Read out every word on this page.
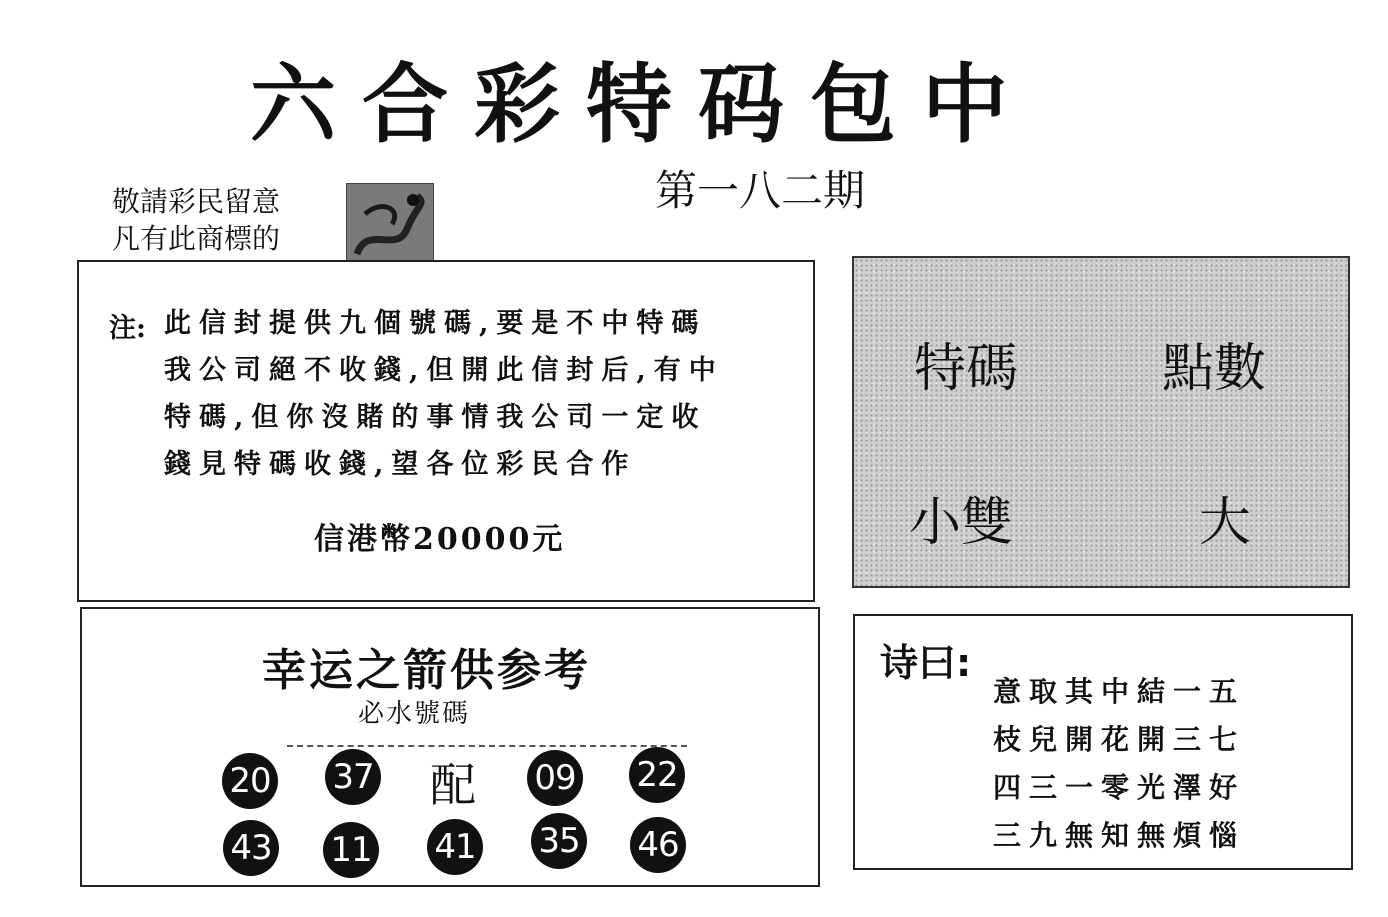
六合彩特码包中
第一八二期
敬請彩民留意
凡有此商標的
注: 此信封提供九個號碼,要是不中特碼
我公司絕不收錢,但開此信封后,有中
特碼,但你沒賭的事情我公司一定收
錢見特碼收錢,望各位彩民合作
信港幣20000元
特碼	點數
小雙	大
幸运之箭供参考
必水號碼
20 37 配 09 22
43 11 41 35 46
诗曰:
意取其中結一五
枝兒開花開三七
四三一零光澤好
三九無知無煩惱
